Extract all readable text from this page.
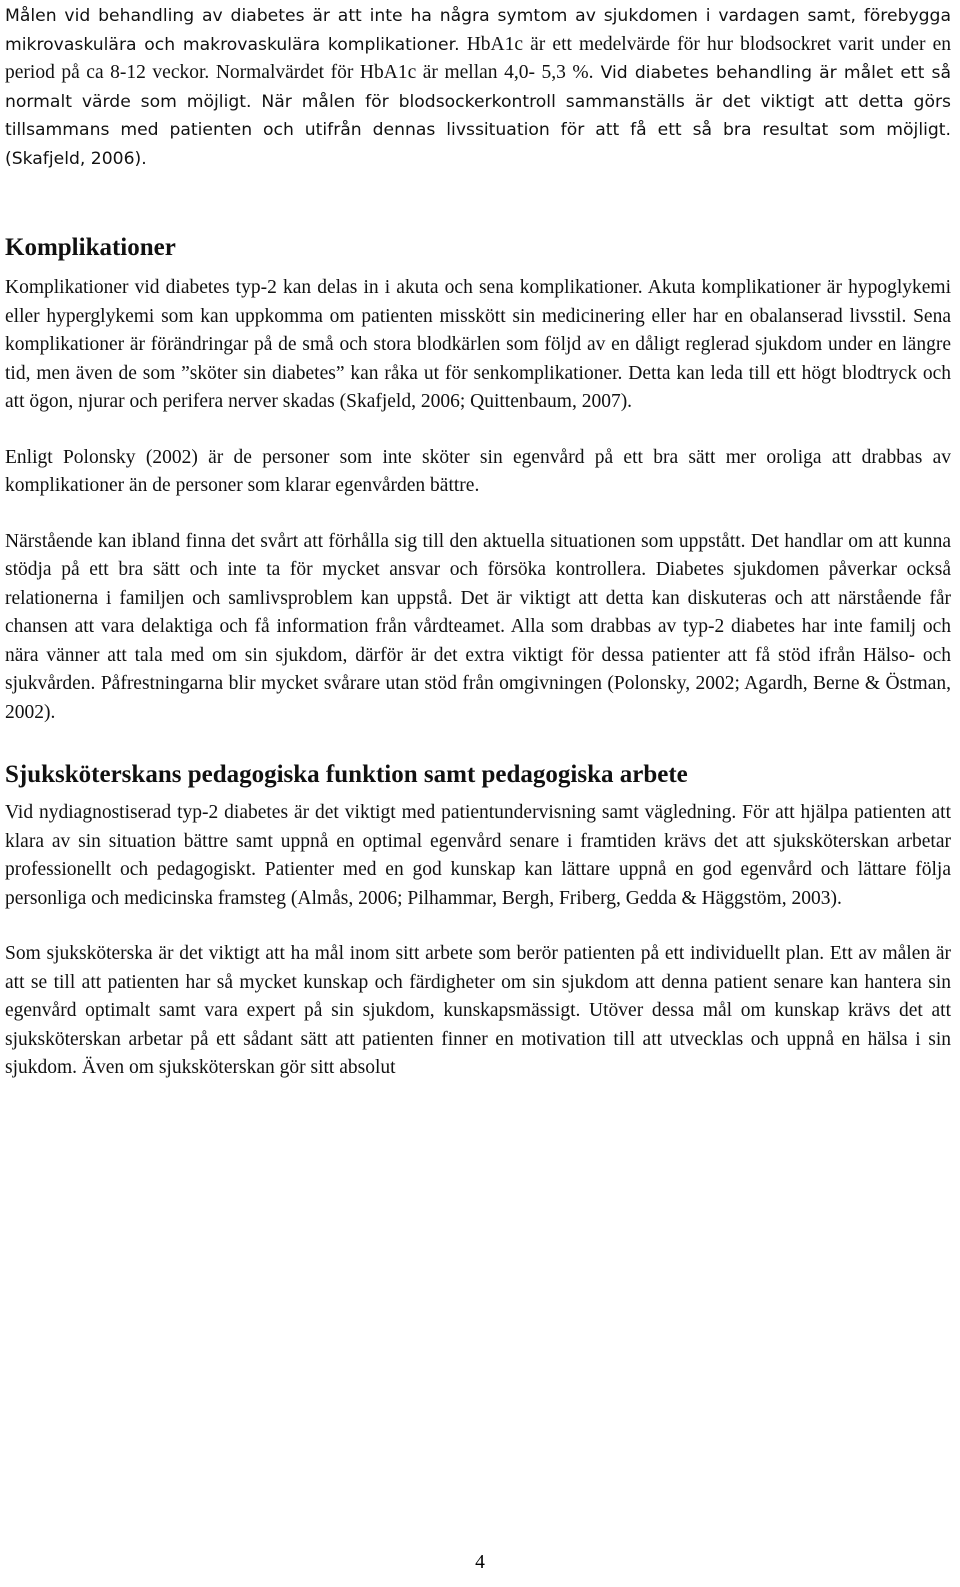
Målen vid behandling av diabetes är att inte ha några symtom av sjukdomen i vardagen samt, förebygga mikrovaskulära och makrovaskulära komplikationer. HbA1c är ett medelvärde för hur blodsockret varit under en period på ca 8-12 veckor. Normalvärdet för HbA1c är mellan 4,0- 5,3 %. Vid diabetes behandling är målet ett så normalt värde som möjligt. När målen för blodsockerkontroll sammanställs är det viktigt att detta görs tillsammans med patienten och utifrån dennas livssituation för att få ett så bra resultat som möjligt. (Skafjeld, 2006).

Komplikationer

Komplikationer vid diabetes typ-2 kan delas in i akuta och sena komplikationer. Akuta komplikationer är hypoglykemi eller hyperglykemi som kan uppkomma om patienten misskött sin medicinering eller har en obalanserad livsstil. Sena komplikationer är förändringar på de små och stora blodkärlen som följd av en dåligt reglerad sjukdom under en längre tid, men även de som ”sköter sin diabetes” kan råka ut för senkomplikationer. Detta kan leda till ett högt blodtryck och att ögon, njurar och perifera nerver skadas (Skafjeld, 2006; Quittenbaum, 2007).

Enligt Polonsky (2002) är de personer som inte sköter sin egenvård på ett bra sätt mer oroliga att drabbas av komplikationer än de personer som klarar egenvården bättre.

Närstående kan ibland finna det svårt att förhålla sig till den aktuella situationen som uppstått. Det handlar om att kunna stödja på ett bra sätt och inte ta för mycket ansvar och försöka kontrollera. Diabetes sjukdomen påverkar också relationerna i familjen och samlivsproblem kan uppstå. Det är viktigt att detta kan diskuteras och att närstående får chansen att vara delaktiga och få information från vårdteamet. Alla som drabbas av typ-2 diabetes har inte familj och nära vänner att tala med om sin sjukdom, därför är det extra viktigt för dessa patienter att få stöd ifrån Hälso- och sjukvården. Påfrestningarna blir mycket svårare utan stöd från omgivningen (Polonsky, 2002; Agardh, Berne & Östman, 2002).

Sjuksköterskans pedagogiska funktion samt pedagogiska arbete

Vid nydiagnostiserad typ-2 diabetes är det viktigt med patientundervisning samt vägledning. För att hjälpa patienten att klara av sin situation bättre samt uppnå en optimal egenvård senare i framtiden krävs det att sjuksköterskan arbetar professionellt och pedagogiskt. Patienter med en god kunskap kan lättare uppnå en god egenvård och lättare följa personliga och medicinska framsteg (Almås, 2006; Pilhammar, Bergh, Friberg, Gedda & Häggstöm, 2003).

Som sjuksköterska är det viktigt att ha mål inom sitt arbete som berör patienten på ett individuellt plan. Ett av målen är att se till att patienten har så mycket kunskap och färdigheter om sin sjukdom att denna patient senare kan hantera sin egenvård optimalt samt vara expert på sin sjukdom, kunskapsmässigt. Utöver dessa mål om kunskap krävs det att sjuksköterskan arbetar på ett sådant sätt att patienten finner en motivation till att utvecklas och uppnå en hälsa i sin sjukdom. Även om sjuksköterskan gör sitt absolut

4
